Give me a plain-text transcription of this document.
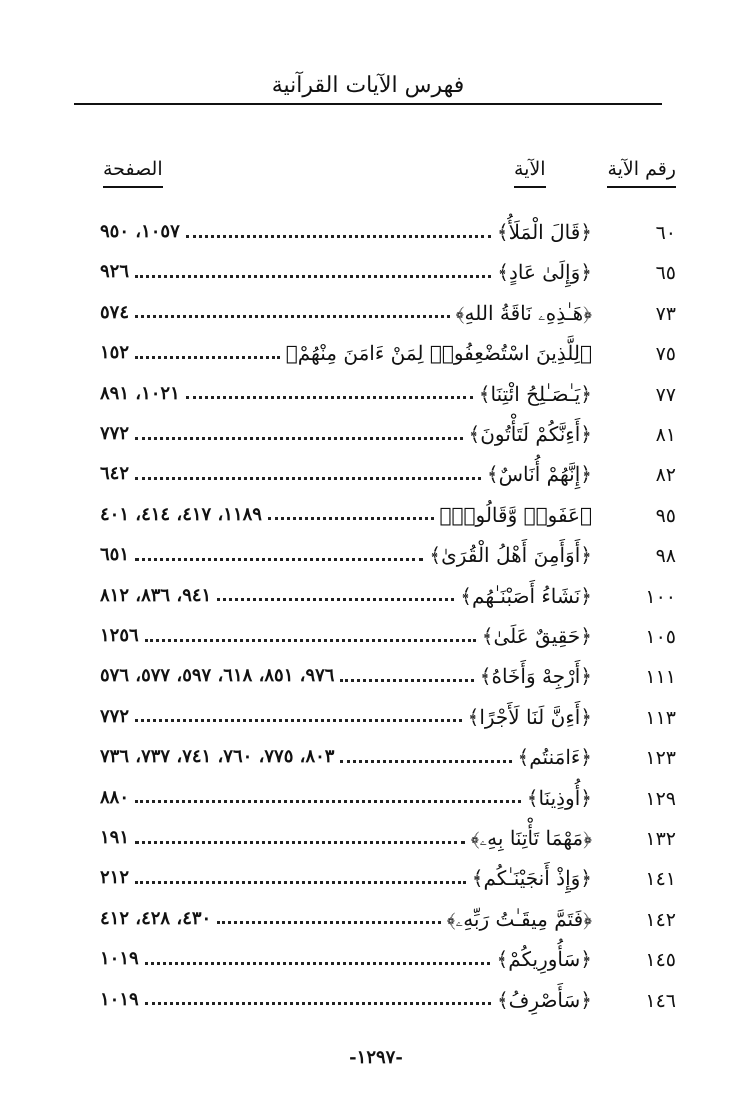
فهرس الآيات القرآنية
رقم الآية
الآية
الصفحة
٦٠
﴿قَالَ الْمَلَأُ﴾
١٠٥٧، ٩٥٠
٦٥
﴿وَإِلَىٰ عَادٍ﴾
٩٢٦
٧٣
﴿هَـٰذِهِۦ نَاقَةُ اللهِ﴾
٥٧٤
٧٥
﴿لِلَّذِينَ اسْتُضْعِفُوا۟ لِمَنْ ءَامَنَ مِنْهُمْ﴾
١٥٢
٧٧
﴿يَـٰصَـٰلِحُ ائْتِنَا﴾
١٠٢١، ٨٩١
٨١
﴿أَءِنَّكُمْ لَتَأْتُونَ﴾
٧٧٢
٨٢
﴿إِنَّهُمْ أُنَاسٌ﴾
٦٤٢
٩٥
﴿عَفَوا۟ وَّقَالُوا۟﴾
١١٨٩، ٤١٧، ٤١٤، ٤٠١
٩٨
﴿أَوَأَمِنَ أَهْلُ الْقُرَىٰ﴾
٦٥١
١٠٠
﴿نَشَاءُ أَصَبْنَـٰهُم﴾
٩٤١، ٨٣٦، ٨١٢
١٠٥
﴿حَقِيقٌ عَلَىٰ﴾
١٢٥٦
١١١
﴿أَرْجِهْ وَأَخَاهُ﴾
٩٧٦، ٨٥١، ٦١٨، ٥٩٧، ٥٧٧، ٥٧٦
١١٣
﴿أَءِنَّ لَنَا لَأَجْرًا﴾
٧٧٢
١٢٣
﴿ءَامَنتُم﴾
٨٠٣، ٧٧٥، ٧٦٠، ٧٤١، ٧٣٧، ٧٣٦
١٢٩
﴿أُوذِينَا﴾
٨٨٠
١٣٢
﴿مَهْمَا تَأْتِنَا بِهِۦ﴾
١٩١
١٤١
﴿وَإِذْ أَنجَيْنَـٰكُم﴾
٢١٢
١٤٢
﴿فَتَمَّ مِيقَـٰتُ رَبِّهِۦ﴾
٤٣٠، ٤٢٨، ٤١٢
١٤٥
﴿سَأُورِيكُمْ﴾
١٠١٩
١٤٦
﴿سَأَصْرِفُ﴾
١٠١٩
-١٢٩٧-
